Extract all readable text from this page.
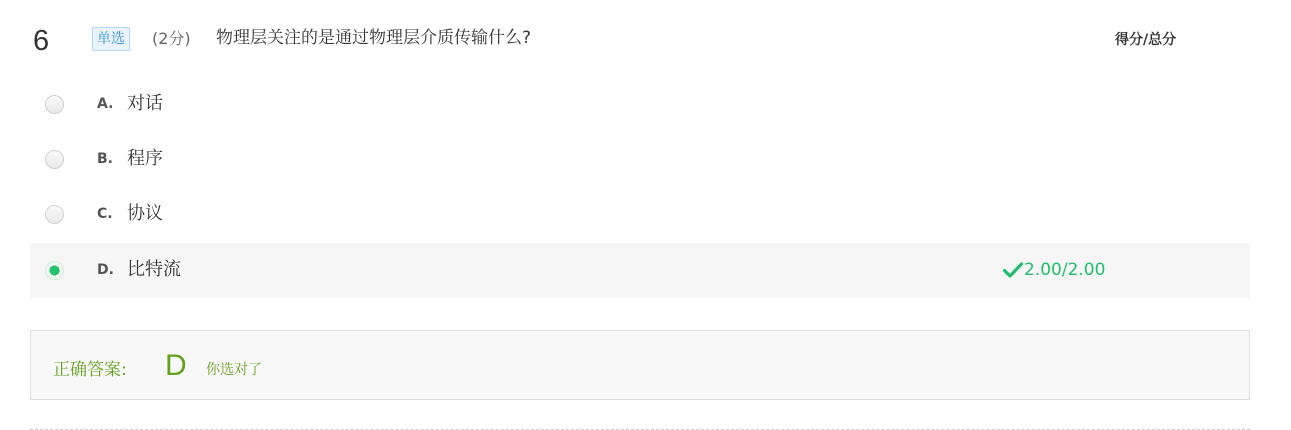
6	单选	(2分) 物理层关注的是通过物理层介质传输什么?	得分/总分
A. 对话
B. 程序
C. 协议
D. 比特流	2.00/2.00
正确答案: D 你选对了
